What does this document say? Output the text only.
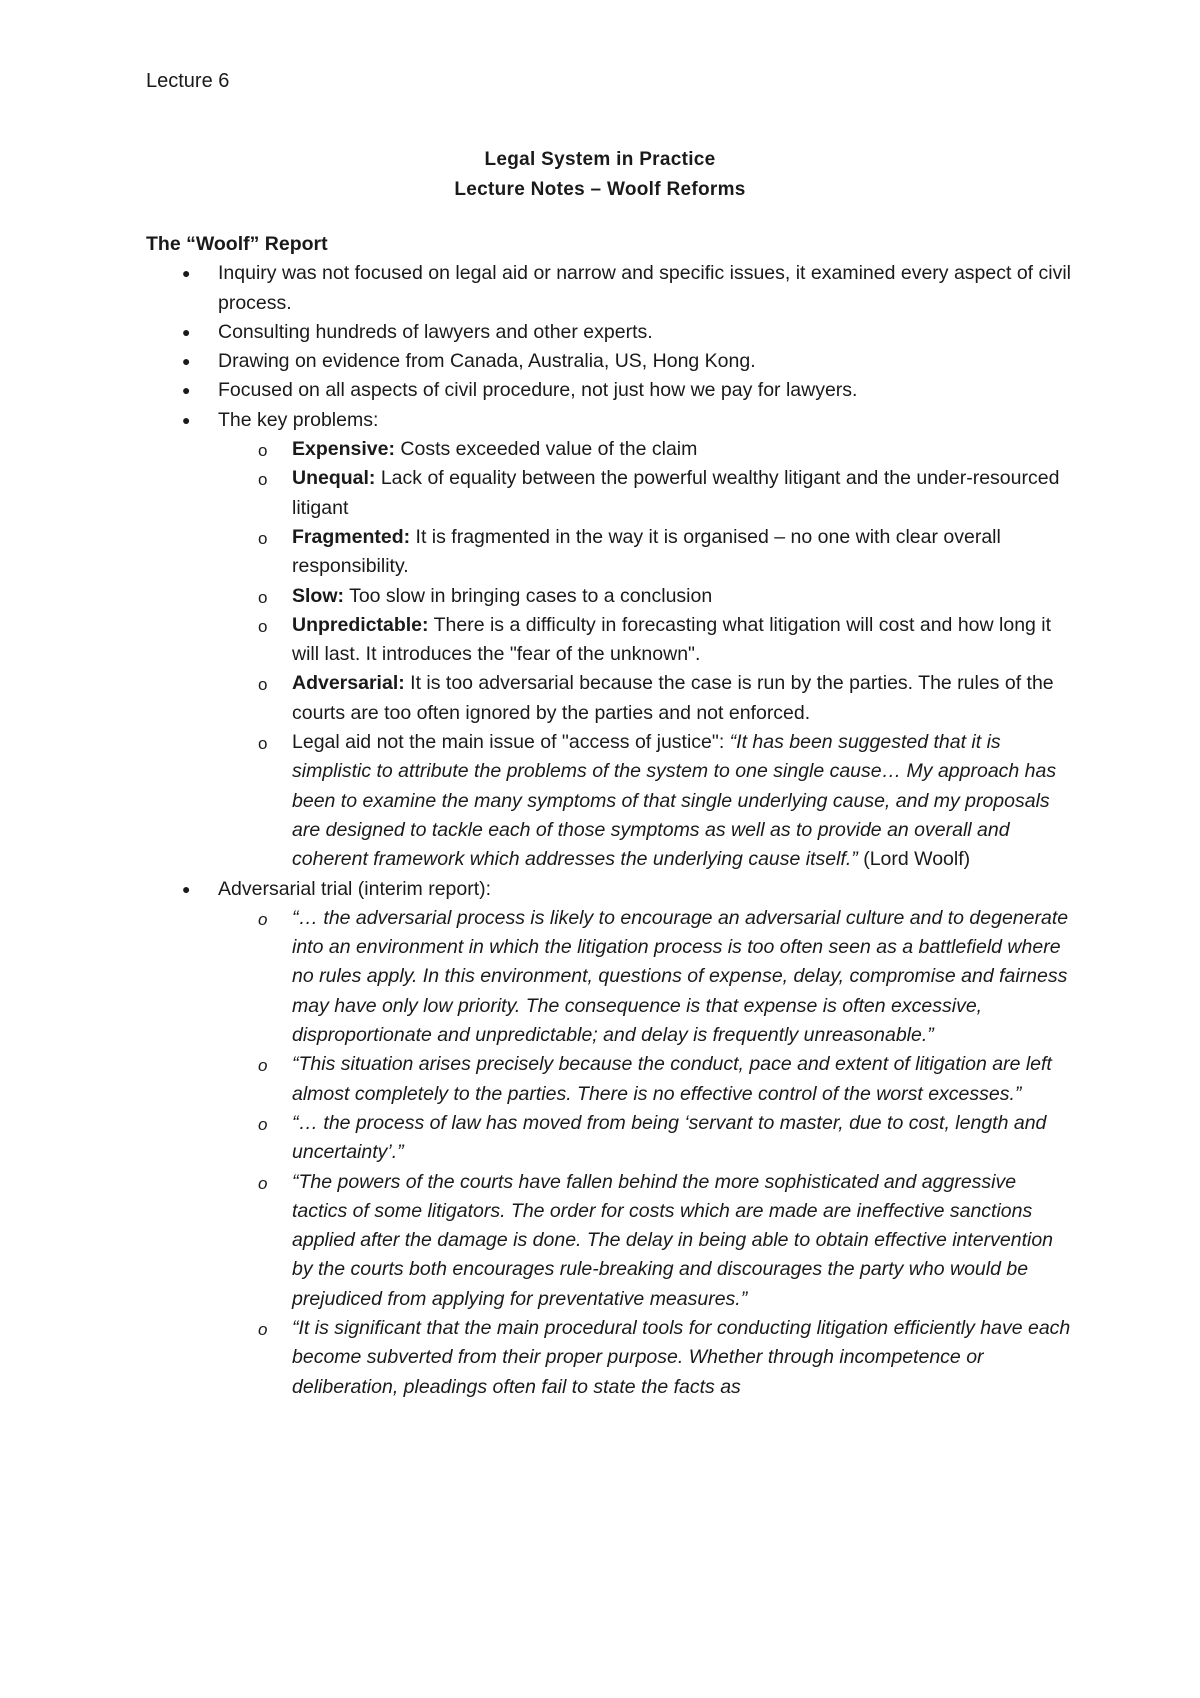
Lecture 6
Legal System in Practice
Lecture Notes – Woolf Reforms
The “Woolf” Report
● Inquiry was not focused on legal aid or narrow and specific issues, it examined every aspect of civil process.
● Consulting hundreds of lawyers and other experts.
● Drawing on evidence from Canada, Australia, US, Hong Kong.
● Focused on all aspects of civil procedure, not just how we pay for lawyers.
● The key problems:
o Expensive: Costs exceeded value of the claim
o Unequal: Lack of equality between the powerful wealthy litigant and the under-resourced litigant
o Fragmented: It is fragmented in the way it is organised – no one with clear overall responsibility.
o Slow: Too slow in bringing cases to a conclusion
o Unpredictable: There is a difficulty in forecasting what litigation will cost and how long it will last. It introduces the "fear of the unknown".
o Adversarial: It is too adversarial because the case is run by the parties. The rules of the courts are too often ignored by the parties and not enforced.
o Legal aid not the main issue of "access of justice": “It has been suggested that it is simplistic to attribute the problems of the system to one single cause… My approach has been to examine the many symptoms of that single underlying cause, and my proposals are designed to tackle each of those symptoms as well as to provide an overall and coherent framework which addresses the underlying cause itself.” (Lord Woolf)
● Adversarial trial (interim report):
o “… the adversarial process is likely to encourage an adversarial culture and to degenerate into an environment in which the litigation process is too often seen as a battlefield where no rules apply. In this environment, questions of expense, delay, compromise and fairness may have only low priority. The consequence is that expense is often excessive, disproportionate and unpredictable; and delay is frequently unreasonable.”
o “This situation arises precisely because the conduct, pace and extent of litigation are left almost completely to the parties. There is no effective control of the worst excesses.”
o “… the process of law has moved from being ‘servant to master, due to cost, length and uncertainty’.”
o “The powers of the courts have fallen behind the more sophisticated and aggressive tactics of some litigators. The order for costs which are made are ineffective sanctions applied after the damage is done. The delay in being able to obtain effective intervention by the courts both encourages rule-breaking and discourages the party who would be prejudiced from applying for preventative measures.”
o “It is significant that the main procedural tools for conducting litigation efficiently have each become subverted from their proper purpose. Whether through incompetence or deliberation, pleadings often fail to state the facts as
